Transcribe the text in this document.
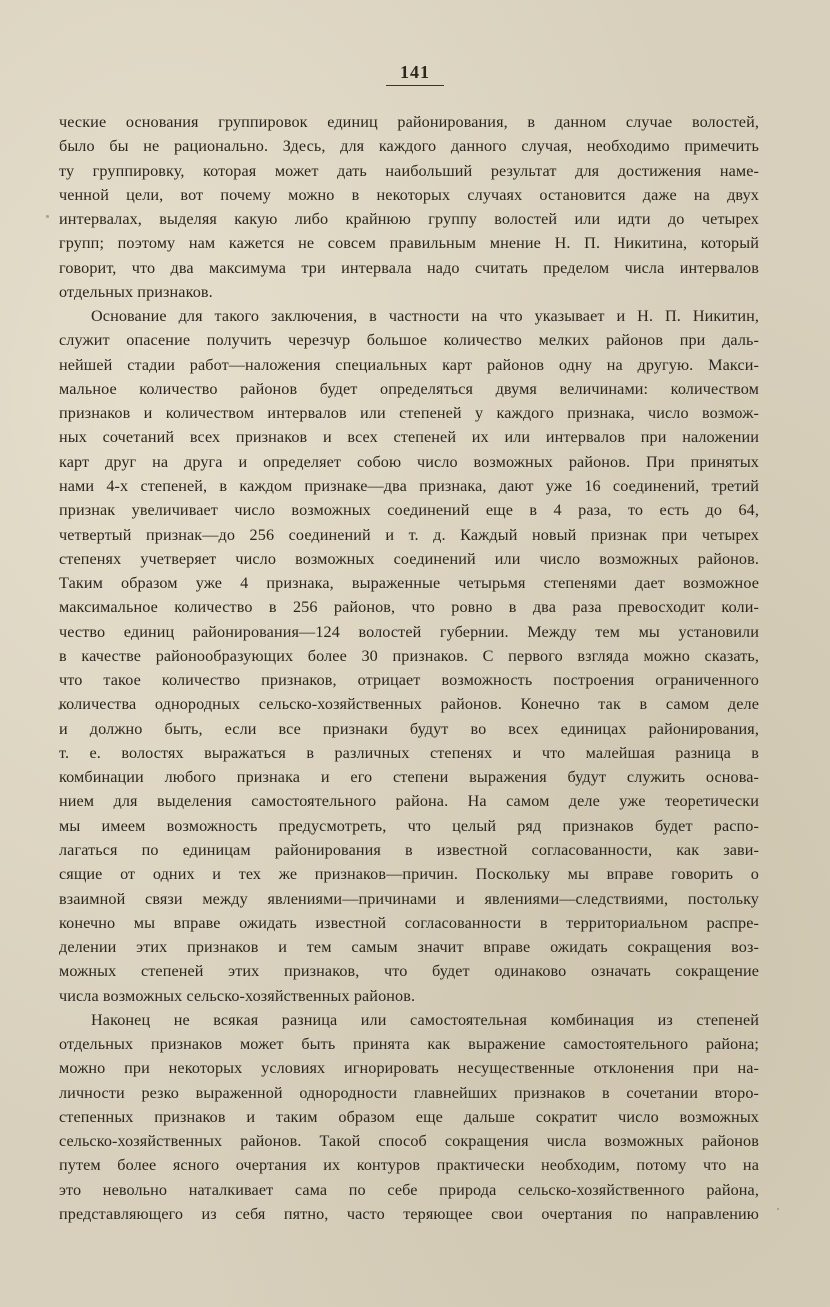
141
ческие основания группировок единиц районирования, в данном случае волостей,
было бы не рационально. Здесь, для каждого данного случая, необходимо примечить
ту группировку, которая может дать наибольший результат для достижения наме-
ченной цели, вот почему можно в некоторых случаях остановится даже на двух
интервалах, выделяя какую либо крайнюю группу волостей или идти до четырех
групп; поэтому нам кажется не совсем правильным мнение Н. П. Никитина, который
говорит, что два максимума три интервала надо считать пределом числа интервалов
отдельных признаков.
Основание для такого заключения, в частности на что указывает и Н. П. Никитин,
служит опасение получить черезчур большое количество мелких районов при даль-
нейшей стадии работ—наложения специальных карт районов одну на другую. Макси-
мальное количество районов будет определяться двумя величинами: количеством
признаков и количеством интервалов или степеней у каждого признака, число возмож-
ных сочетаний всех признаков и всех степеней их или интервалов при наложении
карт друг на друга и определяет собою число возможных районов. При принятых
нами 4-х степеней, в каждом признаке—два признака, дают уже 16 соединений, третий
признак увеличивает число возможных соединений еще в 4 раза, то есть до 64,
четвертый признак—до 256 соединений и т. д. Каждый новый признак при четырех
степенях учетверяет число возможных соединений или число возможных районов.
Таким образом уже 4 признака, выраженные четырьмя степенями дает возможное
максимальное количество в 256 районов, что ровно в два раза превосходит коли-
чество единиц районирования—124 волостей губернии. Между тем мы установили
в качестве районообразующих более 30 признаков. С первого взгляда можно сказать,
что такое количество признаков, отрицает возможность построения ограниченного
количества однородных сельско-хозяйственных районов. Конечно так в самом деле
и должно быть, если все признаки будут во всех единицах районирования,
т. е. волостях выражаться в различных степенях и что малейшая разница в
комбинации любого признака и его степени выражения будут служить основа-
нием для выделения самостоятельного района. На самом деле уже теоретически
мы имеем возможность предусмотреть, что целый ряд признаков будет распо-
лагаться по единицам районирования в известной согласованности, как зави-
сящие от одних и тех же признаков—причин. Поскольку мы вправе говорить о
взаимной связи между явлениями—причинами и явлениями—следствиями, постольку
конечно мы вправе ожидать известной согласованности в территориальном распре-
делении этих признаков и тем самым значит вправе ожидать сокращения воз-
можных степеней этих признаков, что будет одинаково означать сокращение
числа возможных сельско-хозяйственных районов.
Наконец не всякая разница или самостоятельная комбинация из степеней
отдельных признаков может быть принята как выражение самостоятельного района;
можно при некоторых условиях игнорировать несущественные отклонения при на-
личности резко выраженной однородности главнейших признаков в сочетании второ-
степенных признаков и таким образом еще дальше сократит число возможных
сельско-хозяйственных районов. Такой способ сокращения числа возможных районов
путем более ясного очертания их контуров практически необходим, потому что на
это невольно наталкивает сама по себе природа сельско-хозяйственного района,
представляющего из себя пятно, часто теряющее свои очертания по направлению
